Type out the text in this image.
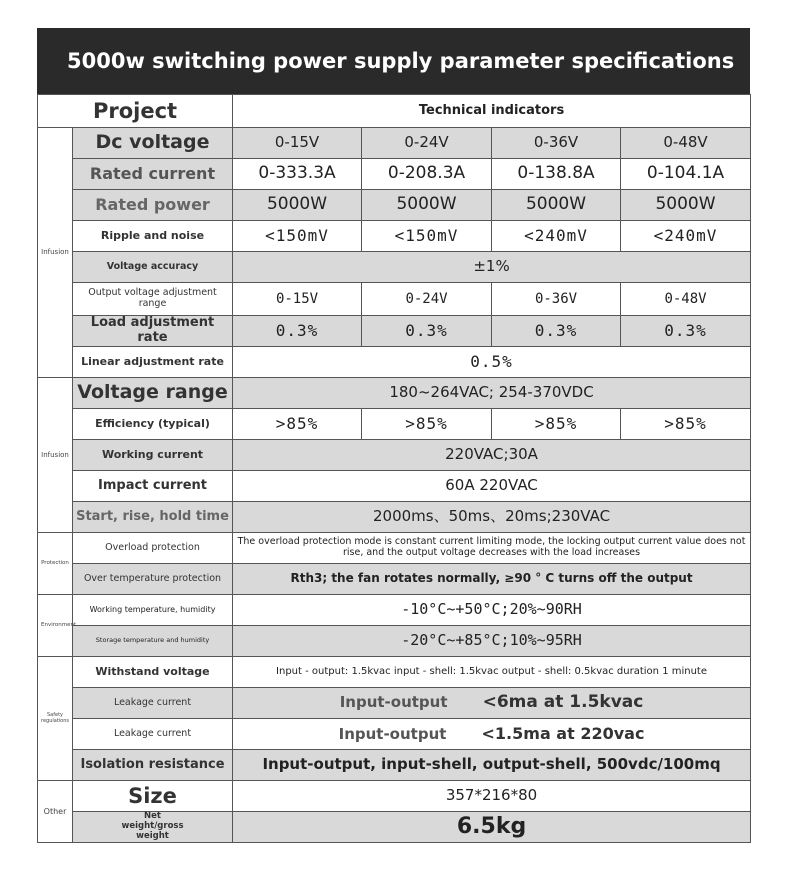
5000w switching power supply parameter specifications
Project		Technical indicators			
Infusion	Dc voltage	0-15V	0-24V	0-36V	0-48V
	Rated current	0-333.3A	0-208.3A	0-138.8A	0-104.1A
	Rated power	5000W	5000W	5000W	5000W
	Ripple and noise	<150mV	<150mV	<240mV	<240mV
	Voltage accuracy	±1%			
	Output voltage adjustment range	0-15V	0-24V	0-36V	0-48V
	Load adjustment rate	0.3%	0.3%	0.3%	0.3%
	Linear adjustment rate	0.5%			
Infusion	Voltage range	180~264VAC; 254-370VDC			
	Efficiency (typical)	>85%	>85%	>85%	>85%
	Working current	220VAC;30A			
	Impact current	60A 220VAC			
	Start, rise, hold time	2000ms、50ms、20ms;230VAC			
Protection	Overload protection	The overload protection mode is constant current limiting mode, the locking output current value does not rise, and the output voltage decreases with the load increases			
	Over temperature protection	Rth3; the fan rotates normally, ≥90 ° C turns off the output			
Environment	Working temperature, humidity	-10°C~+50°C;20%~90RH			
	Storage temperature and humidity	-20°C~+85°C;10%~95RH			
Safety regulations	Withstand voltage	Input - output: 1.5kvac input - shell: 1.5kvac output - shell: 0.5kvac duration 1 minute			
	Leakage current	Input-output <6ma at 1.5kvac			
	Leakage current	Input-output <1.5ma at 220vac			
	Isolation resistance	Input-output, input-shell, output-shell, 500vdc/100mq			
Other	Size	357*216*80			
	Net weight/gross weight	6.5kg			
